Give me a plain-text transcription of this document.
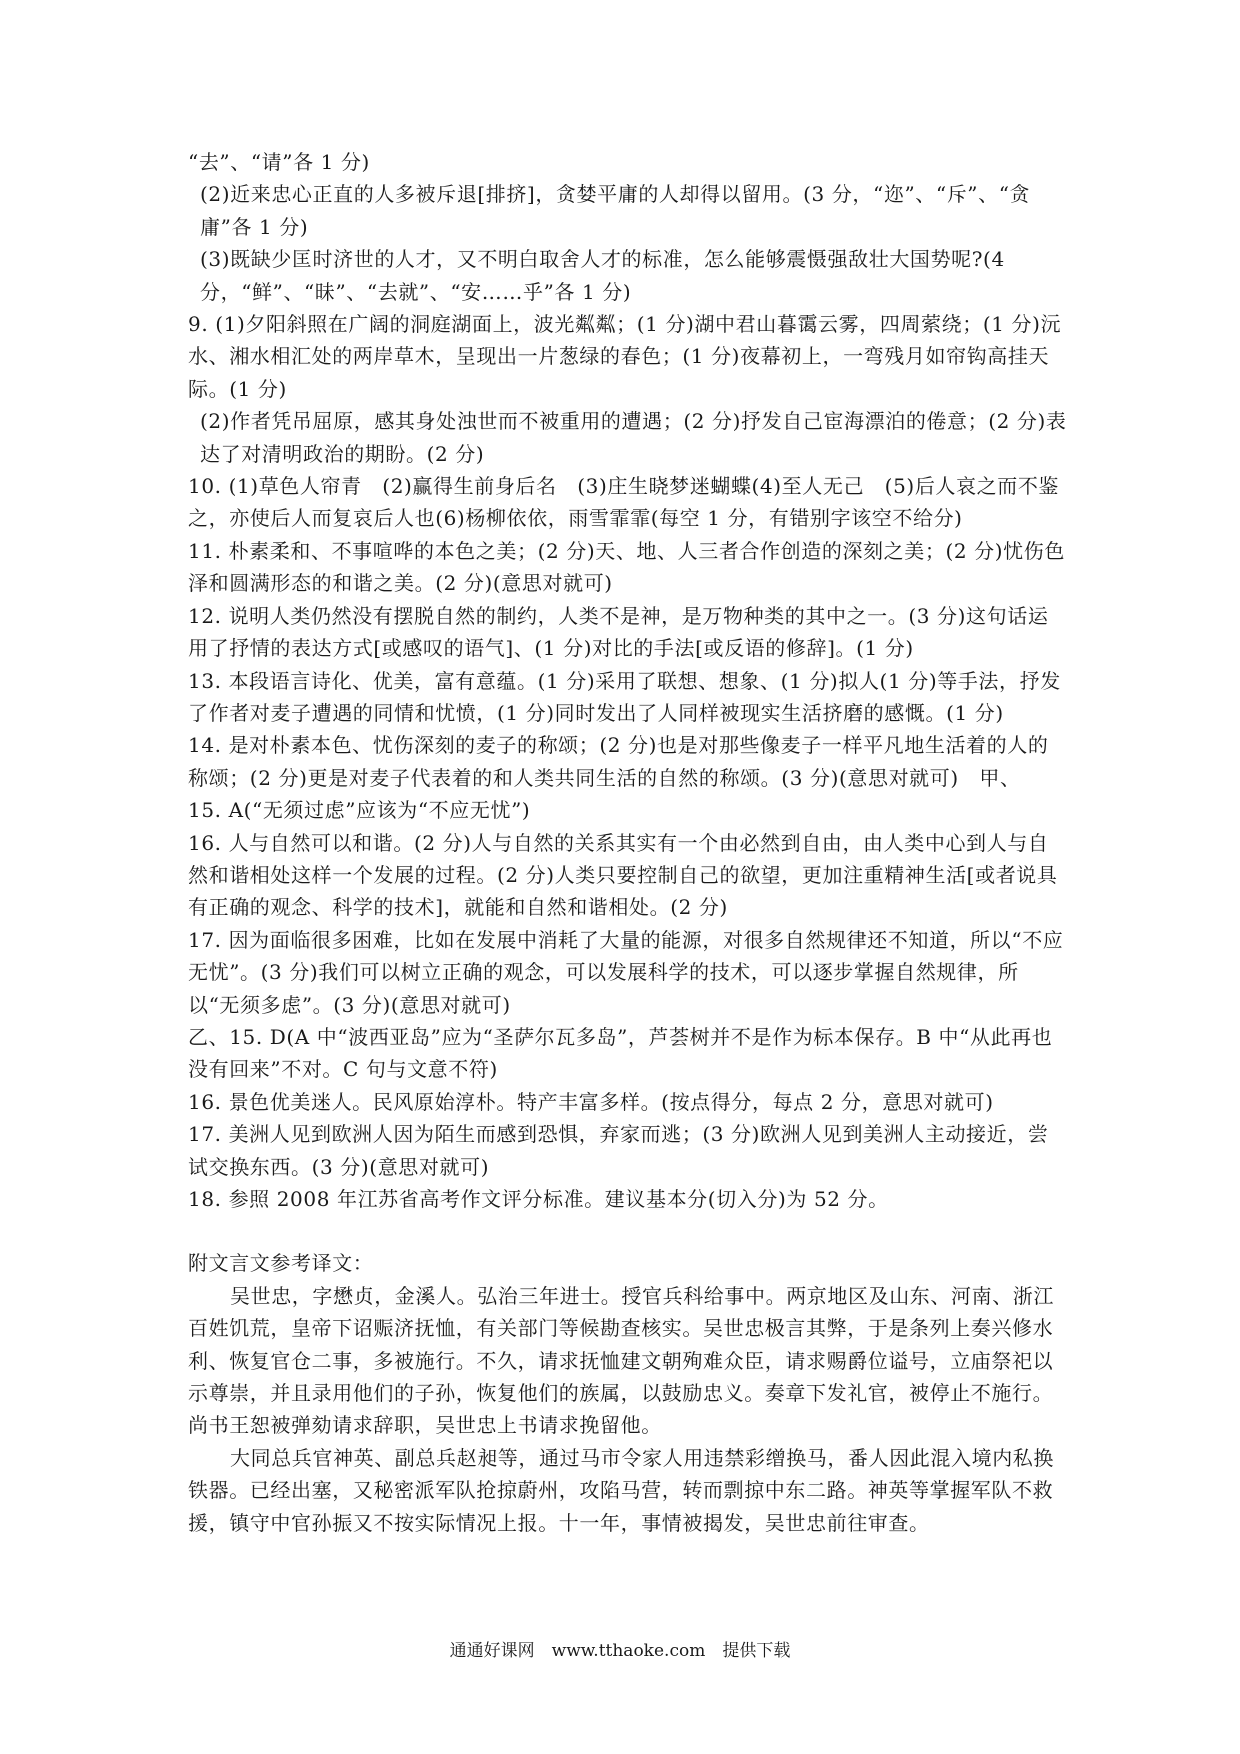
“去”、“请”各 1 分)

(2)近来忠心正直的人多被斥退[排挤]，贪婪平庸的人却得以留用。(3 分，“迩”、“斥”、“贪庸”各 1 分)

(3)既缺少匡时济世的人才，又不明白取舍人才的标准，怎么能够震慑强敌壮大国势呢?(4 分，“鲜”、“昧”、“去就”、“安……乎”各 1 分)

9. (1)夕阳斜照在广阔的洞庭湖面上，波光粼粼；(1 分)湖中君山暮霭云雾，四周萦绕；(1 分)沅水、湘水相汇处的两岸草木，呈现出一片葱绿的春色；(1 分)夜幕初上，一弯残月如帘钩高挂天际。(1 分)

(2)作者凭吊屈原，感其身处浊世而不被重用的遭遇；(2 分)抒发自己宦海漂泊的倦意；(2 分)表达了对清明政治的期盼。(2 分)

10. (1)草色人帘青　(2)赢得生前身后名　(3)庄生晓梦迷蝴蝶(4)至人无己　(5)后人哀之而不鉴之，亦使后人而复哀后人也(6)杨柳依依，雨雪霏霏(每空 1 分，有错别字该空不给分)

11. 朴素柔和、不事喧哗的本色之美；(2 分)天、地、人三者合作创造的深刻之美；(2 分)忧伤色泽和圆满形态的和谐之美。(2 分)(意思对就可)

12. 说明人类仍然没有摆脱自然的制约，人类不是神，是万物种类的其中之一。(3 分)这句话运用了抒情的表达方式[或感叹的语气]、(1 分)对比的手法[或反语的修辞]。(1 分)

13. 本段语言诗化、优美，富有意蕴。(1 分)采用了联想、想象、(1 分)拟人(1 分)等手法，抒发了作者对麦子遭遇的同情和忧愤，(1 分)同时发出了人同样被现实生活挤磨的感慨。(1 分)

14. 是对朴素本色、忧伤深刻的麦子的称颂；(2 分)也是对那些像麦子一样平凡地生活着的人的称颂；(2 分)更是对麦子代表着的和人类共同生活的自然的称颂。(3 分)(意思对就可)　甲、

15. A(“无须过虑”应该为“不应无忧”)

16. 人与自然可以和谐。(2 分)人与自然的关系其实有一个由必然到自由，由人类中心到人与自然和谐相处这样一个发展的过程。(2 分)人类只要控制自己的欲望，更加注重精神生活[或者说具有正确的观念、科学的技术]，就能和自然和谐相处。(2 分)

17. 因为面临很多困难，比如在发展中消耗了大量的能源，对很多自然规律还不知道，所以“不应无忧”。(3 分)我们可以树立正确的观念，可以发展科学的技术，可以逐步掌握自然规律，所以“无须多虑”。(3 分)(意思对就可)

乙、15. D(A 中“波西亚岛”应为“圣萨尔瓦多岛”，芦荟树并不是作为标本保存。B 中“从此再也没有回来”不对。C 句与文意不符)

16. 景色优美迷人。民风原始淳朴。特产丰富多样。(按点得分，每点 2 分，意思对就可)

17. 美洲人见到欧洲人因为陌生而感到恐惧，弃家而逃；(3 分)欧洲人见到美洲人主动接近，尝试交换东西。(3 分)(意思对就可)

18. 参照 2008 年江苏省高考作文评分标准。建议基本分(切入分)为 52 分。

附文言文参考译文：

吴世忠，字懋贞，金溪人。弘治三年进士。授官兵科给事中。两京地区及山东、河南、浙江百姓饥荒，皇帝下诏赈济抚恤，有关部门等候勘查核实。吴世忠极言其弊，于是条列上奏兴修水利、恢复官仓二事，多被施行。不久，请求抚恤建文朝殉难众臣，请求赐爵位谥号，立庙祭祀以示尊崇，并且录用他们的子孙，恢复他们的族属，以鼓励忠义。奏章下发礼官，被停止不施行。尚书王恕被弹劾请求辞职，吴世忠上书请求挽留他。

大同总兵官神英、副总兵赵昶等，通过马市令家人用违禁彩缯换马，番人因此混入境内私换铁器。已经出塞，又秘密派军队抢掠蔚州，攻陷马营，转而剽掠中东二路。神英等掌握军队不救援，镇守中官孙振又不按实际情况上报。十一年，事情被揭发，吴世忠前往审查。

通通好课网　www.tthaoke.com　提供下载
